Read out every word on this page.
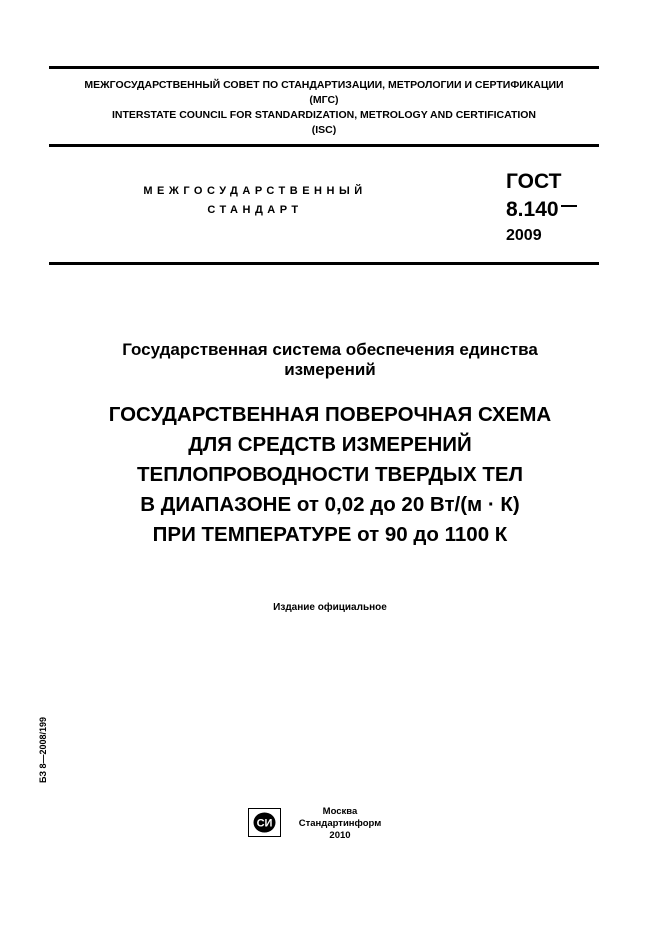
МЕЖГОСУДАРСТВЕННЫЙ СОВЕТ ПО СТАНДАРТИЗАЦИИ, МЕТРОЛОГИИ И СЕРТИФИКАЦИИ
(МГС)
INTERSTATE COUNCIL FOR STANDARDIZATION, METROLOGY AND CERTIFICATION
(ISC)
МЕЖГОСУДАРСТВЕННЫЙ
СТАНДАРТ
ГОСТ
8.140
2009
Государственная система обеспечения единства
измерений
ГОСУДАРСТВЕННАЯ ПОВЕРОЧНАЯ СХЕМА
ДЛЯ СРЕДСТВ ИЗМЕРЕНИЙ
ТЕПЛОПРОВОДНОСТИ ТВЕРДЫХ ТЕЛ
В ДИАПАЗОНЕ от 0,02 до 20 Вт/(м · К)
ПРИ ТЕМПЕРАТУРЕ от 90 до 1100 К
Издание официальное
БЗ 8—2008/199
СИ
Москва
Стандартинформ
2010
